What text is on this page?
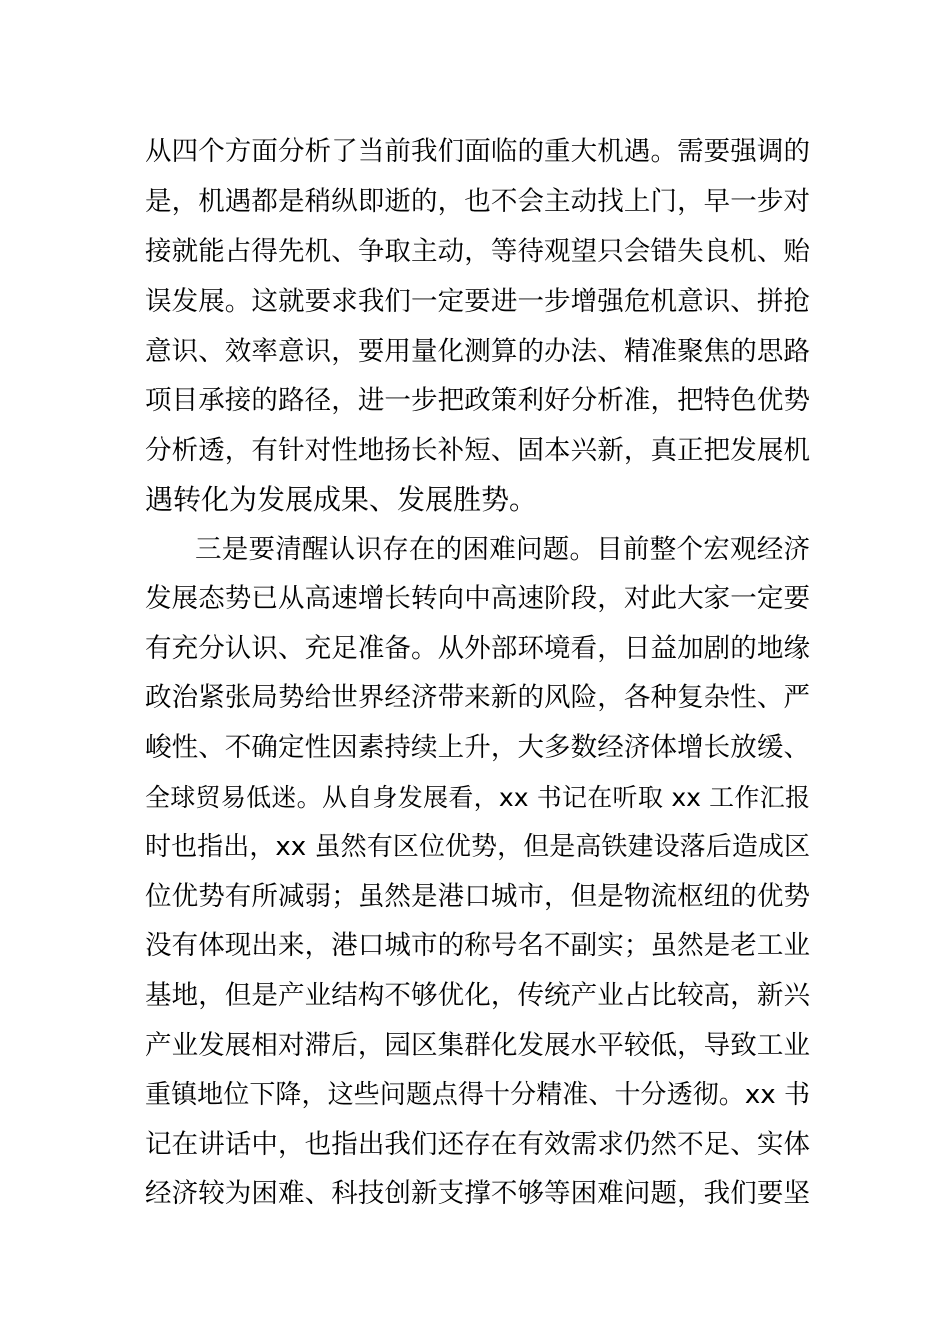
从四个方面分析了当前我们面临的重大机遇。需要强调的
是，机遇都是稍纵即逝的，也不会主动找上门，早一步对
接就能占得先机、争取主动，等待观望只会错失良机、贻
误发展。这就要求我们一定要进一步增强危机意识、拼抢
意识、效率意识，要用量化测算的办法、精准聚焦的思路
项目承接的路径，进一步把政策利好分析准，把特色优势
分析透，有针对性地扬长补短、固本兴新，真正把发展机
遇转化为发展成果、发展胜势。
三是要清醒认识存在的困难问题。目前整个宏观经济
发展态势已从高速增长转向中高速阶段，对此大家一定要
有充分认识、充足准备。从外部环境看，日益加剧的地缘
政治紧张局势给世界经济带来新的风险，各种复杂性、严
峻性、不确定性因素持续上升，大多数经济体增长放缓、
全球贸易低迷。从自身发展看，xx 书记在听取 xx 工作汇报
时也指出，xx 虽然有区位优势，但是高铁建设落后造成区
位优势有所减弱；虽然是港口城市，但是物流枢纽的优势
没有体现出来，港口城市的称号名不副实；虽然是老工业
基地，但是产业结构不够优化，传统产业占比较高，新兴
产业发展相对滞后，园区集群化发展水平较低，导致工业
重镇地位下降，这些问题点得十分精准、十分透彻。xx 书
记在讲话中，也指出我们还存在有效需求仍然不足、实体
经济较为困难、科技创新支撑不够等困难问题，我们要坚
